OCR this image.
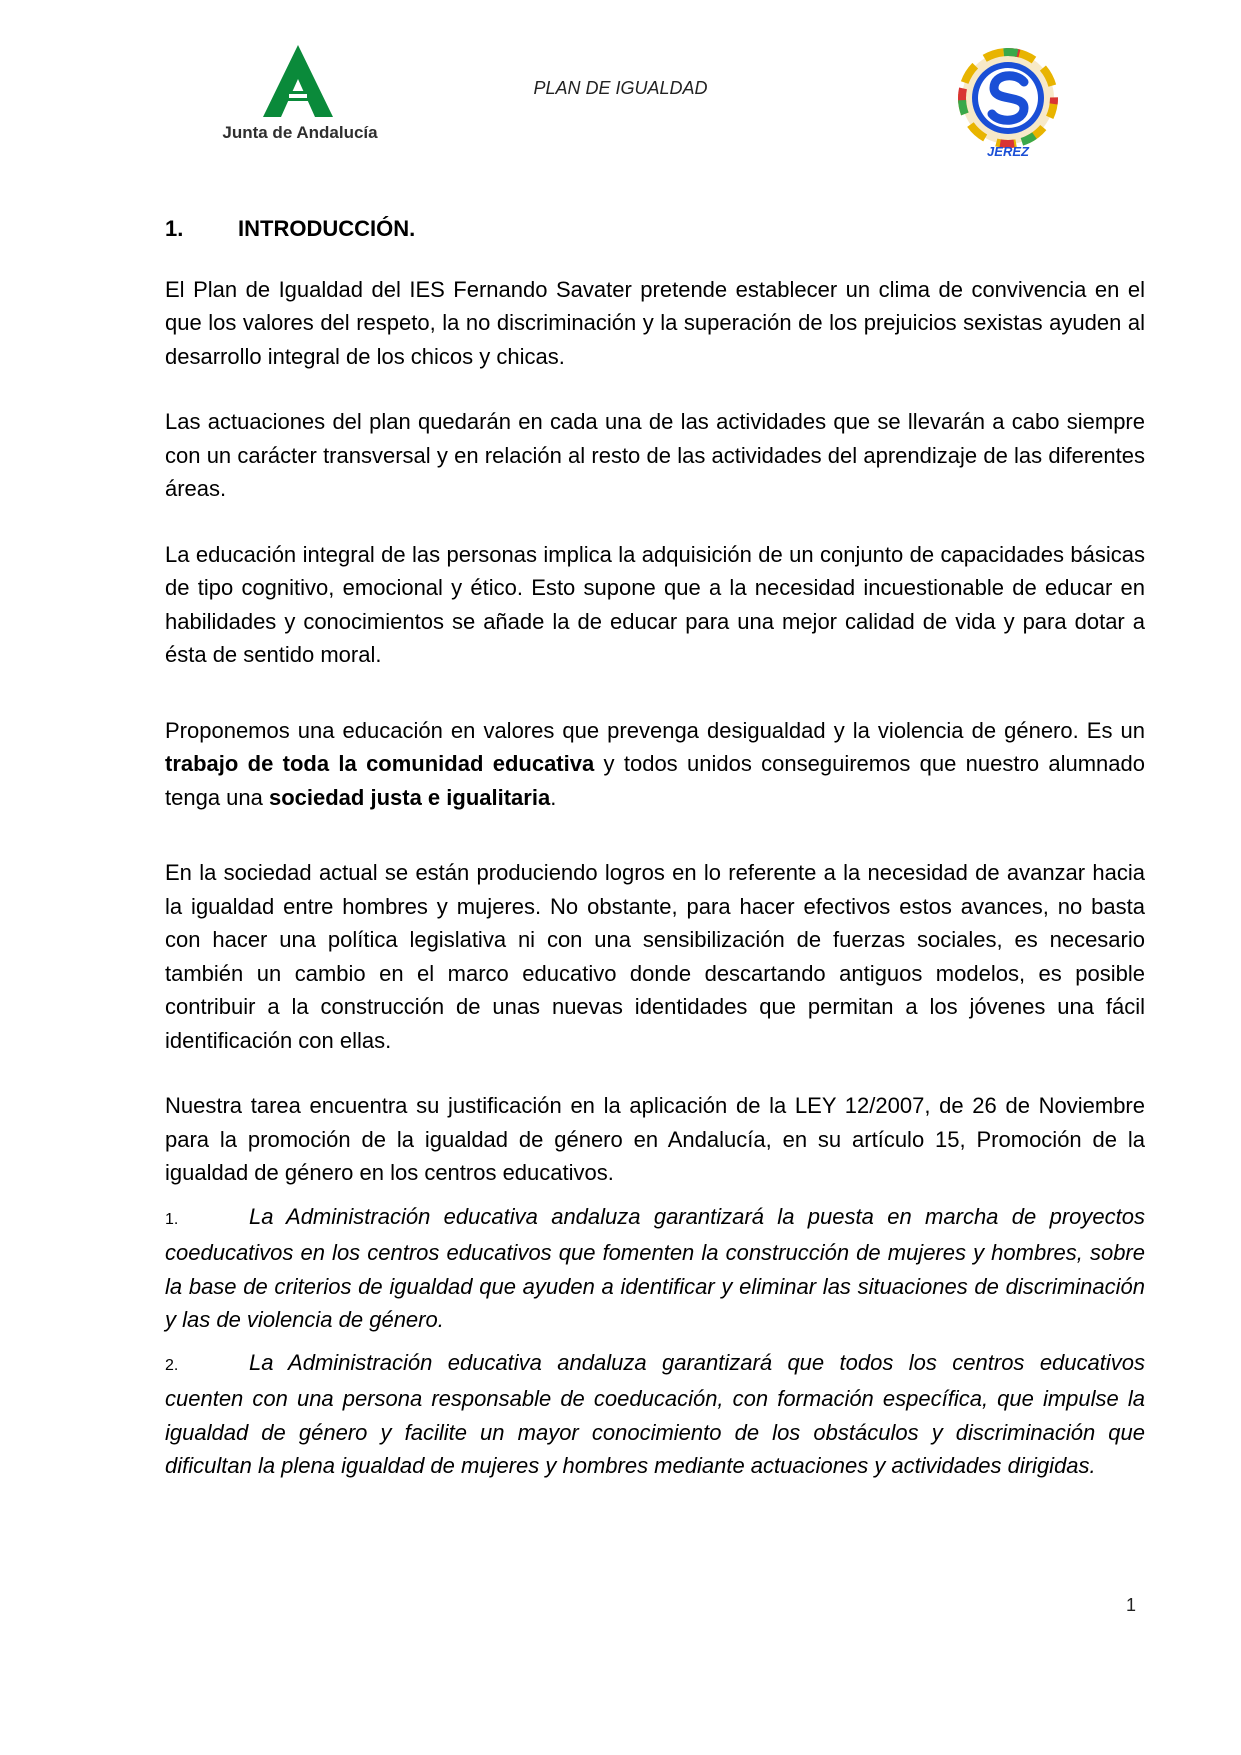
Junta de Andalucía
PLAN DE IGUALDAD
JEREZ
1. INTRODUCCIÓN.

El Plan de Igualdad del IES Fernando Savater pretende establecer un clima de convivencia en el que los valores del respeto, la no discriminación y la superación de los prejuicios sexistas ayuden al desarrollo integral de los chicos y chicas.

Las actuaciones del plan quedarán en cada una de las actividades que se llevarán a cabo siempre con un carácter transversal y en relación al resto de las actividades del aprendizaje de las diferentes áreas.

La educación integral de las personas implica la adquisición de un conjunto de capacidades básicas de tipo cognitivo, emocional y ético. Esto supone que a la necesidad incuestionable de educar en habilidades y conocimientos se añade la de educar para una mejor calidad de vida y para dotar a ésta de sentido moral.

Proponemos una educación en valores que prevenga desigualdad y la violencia de género. Es un trabajo de toda la comunidad educativa y todos unidos conseguiremos que nuestro alumnado tenga una sociedad justa e igualitaria.

En la sociedad actual se están produciendo logros en lo referente a la necesidad de avanzar hacia la igualdad entre hombres y mujeres. No obstante, para hacer efectivos estos avances, no basta con hacer una política legislativa ni con una sensibilización de fuerzas sociales, es necesario también un cambio en el marco educativo donde descartando antiguos modelos, es posible contribuir a la construcción de unas nuevas identidades que permitan a los jóvenes una fácil identificación con ellas.

Nuestra tarea encuentra su justificación en la aplicación de la LEY 12/2007, de 26 de Noviembre para la promoción de la igualdad de género en Andalucía, en su artículo 15, Promoción de la igualdad de género en los centros educativos.

1.	La Administración educativa andaluza garantizará la puesta en marcha de proyectos coeducativos en los centros educativos que fomenten la construcción de mujeres y hombres, sobre la base de criterios de igualdad que ayuden a identificar y eliminar las situaciones de discriminación y las de violencia de género.

2.	La Administración educativa andaluza garantizará que todos los centros educativos cuenten con una persona responsable de coeducación, con formación específica, que impulse la igualdad de género y facilite un mayor conocimiento de los obstáculos y discriminación que dificultan la plena igualdad de mujeres y hombres mediante actuaciones y actividades dirigidas.

1
